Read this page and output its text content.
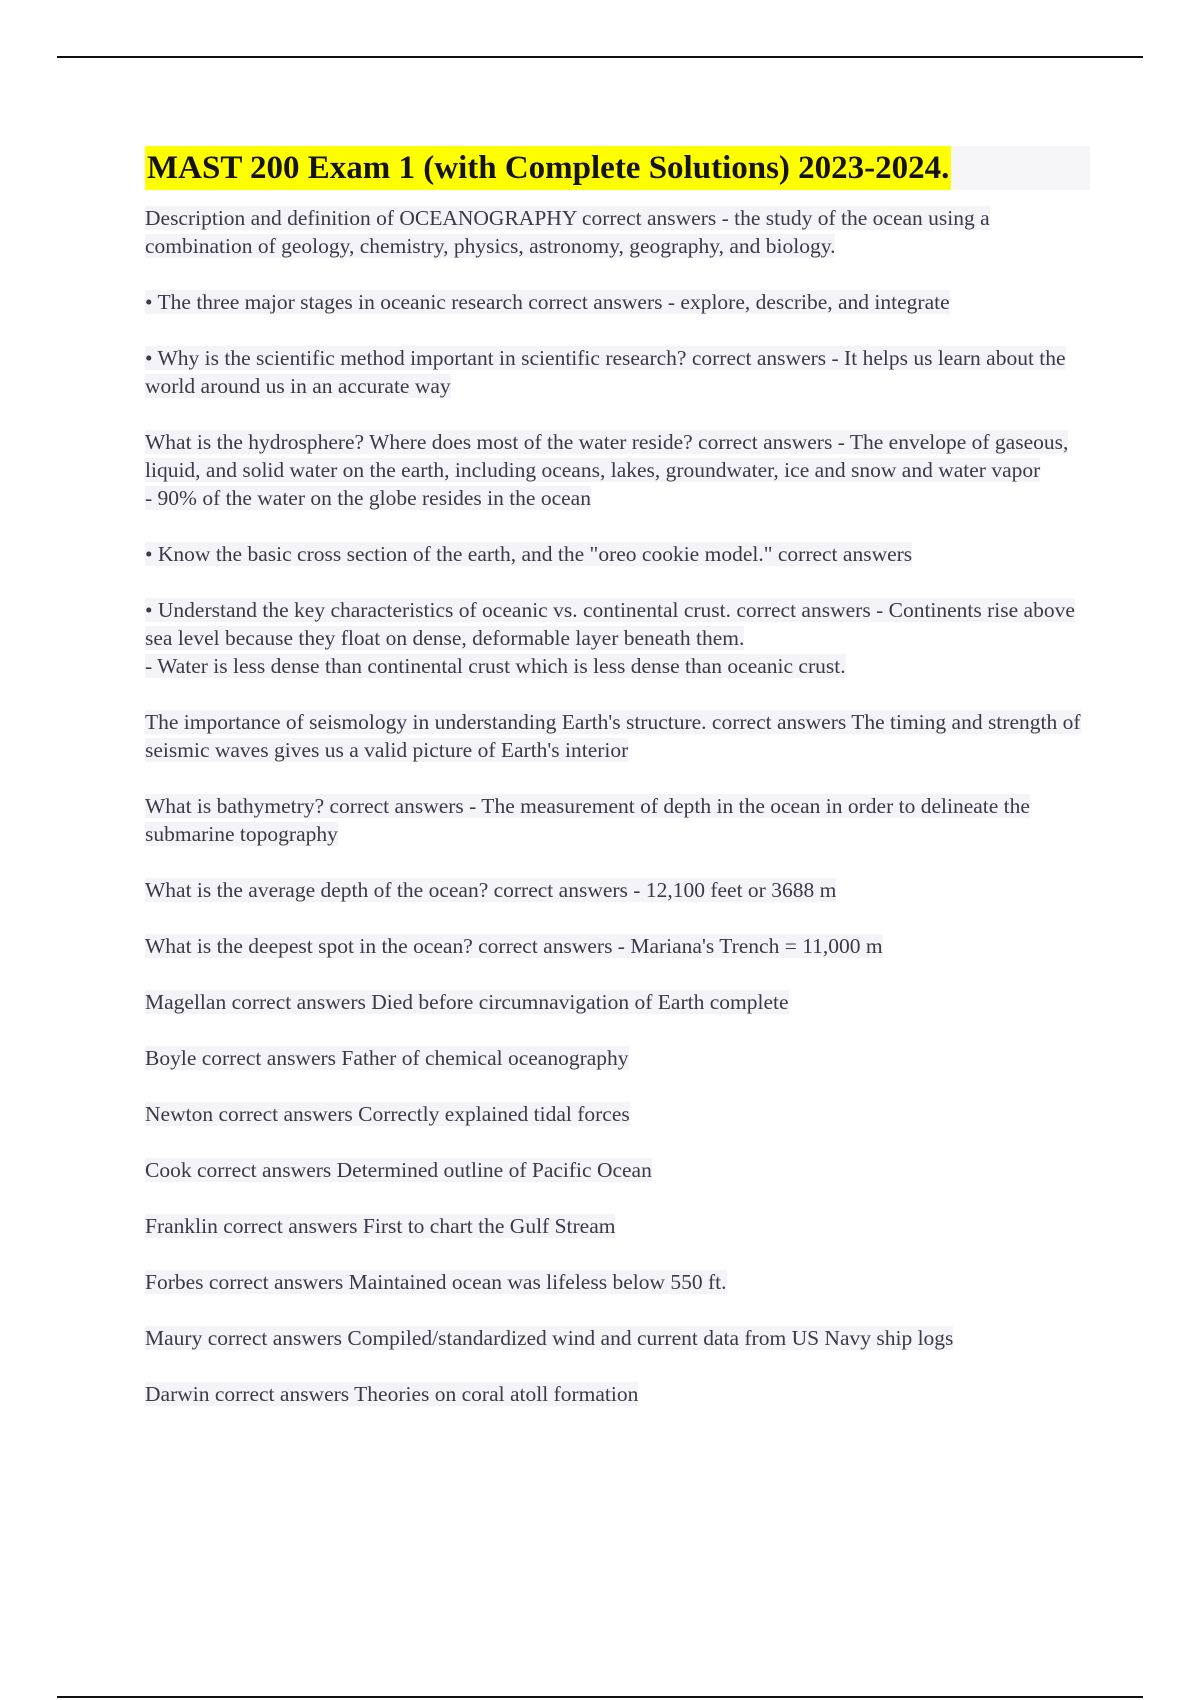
MAST 200 Exam 1 (with Complete Solutions) 2023-2024.
Description and definition of OCEANOGRAPHY correct answers - the study of the ocean using a combination of geology, chemistry, physics, astronomy, geography, and biology.
• The three major stages in oceanic research correct answers - explore, describe, and integrate
• Why is the scientific method important in scientific research? correct answers - It helps us learn about the world around us in an accurate way
What is the hydrosphere? Where does most of the water reside? correct answers - The envelope of gaseous, liquid, and solid water on the earth, including oceans, lakes, groundwater, ice and snow and water vapor
- 90% of the water on the globe resides in the ocean
• Know the basic cross section of the earth, and the "oreo cookie model." correct answers
• Understand the key characteristics of oceanic vs. continental crust. correct answers - Continents rise above sea level because they float on dense, deformable layer beneath them.
- Water is less dense than continental crust which is less dense than oceanic crust.
The importance of seismology in understanding Earth's structure. correct answers The timing and strength of seismic waves gives us a valid picture of Earth's interior
What is bathymetry? correct answers - The measurement of depth in the ocean in order to delineate the submarine topography
What is the average depth of the ocean? correct answers - 12,100 feet or 3688 m
What is the deepest spot in the ocean? correct answers - Mariana's Trench = 11,000 m
Magellan correct answers Died before circumnavigation of Earth complete
Boyle correct answers Father of chemical oceanography
Newton correct answers Correctly explained tidal forces
Cook correct answers Determined outline of Pacific Ocean
Franklin correct answers First to chart the Gulf Stream
Forbes correct answers Maintained ocean was lifeless below 550 ft.
Maury correct answers Compiled/standardized wind and current data from US Navy ship logs
Darwin correct answers Theories on coral atoll formation
